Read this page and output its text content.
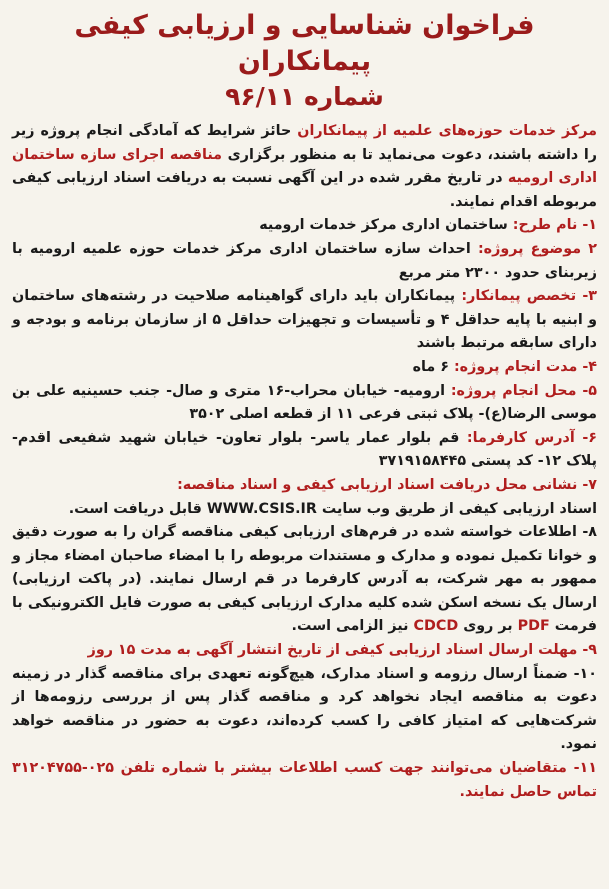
فراخوان شناسایی و ارزیابی کیفی پیمانکاران
شماره ۹۶/۱۱

مرکز خدمات حوزه‌های علمیه از پیمانکاران حائز شرایط که آمادگی انجام پروژه زیر را داشته باشند، دعوت می‌نماید تا به منظور برگزاری مناقصه اجرای سازه ساختمان اداری ارومیه در تاریخ مقرر شده در این آگهی نسبت به دریافت اسناد ارزیابی کیفی مربوطه اقدام نمایند.

۱- نام طرح: ساختمان اداری مرکز خدمات ارومیه

۲ موضوع پروژه: احداث سازه ساختمان اداری مرکز خدمات حوزه علمیه ارومیه با زیربنای حدود ۲۳۰۰ متر مربع

۳- تخصص پیمانکار: پیمانکاران باید دارای گواهینامه صلاحیت در رشته‌های ساختمان و ابنیه با پایه حداقل ۴ و تأسیسات و تجهیزات حداقل ۵ از سازمان برنامه و بودجه و دارای سابقه مرتبط باشند

۴- مدت انجام پروژه: ۶ ماه

۵- محل انجام پروژه: ارومیه- خیابان محراب-۱۶ متری و صال- جنب حسینیه علی بن موسی الرضا(ع)- پلاک ثبتی فرعی ۱۱ از قطعه اصلی ۳۵۰۲

۶- آدرس کارفرما: قم بلوار عمار یاسر- بلوار تعاون- خیابان شهید شفیعی اقدم- پلاک ۱۲- کد پستی ۳۷۱۹۱۵۸۴۴۵

۷- نشانی محل دریافت اسناد ارزیابی کیفی و اسناد مناقصه:

اسناد ارزیابی کیفی از طریق وب سایت WWW.CSIS.IR قابل دریافت است.

۸- اطلاعات خواسته شده در فرم‌های ارزیابی کیفی مناقصه گران را به صورت دقیق و خوانا تکمیل نموده و مدارک و مستندات مربوطه را با امضاء صاحبان امضاء مجاز و ممهور به مهر شرکت، به آدرس کارفرما در قم ارسال نمایند. (در پاکت ارزیابی) ارسال یک نسخه اسکن شده کلیه مدارک ارزیابی کیفی به صورت فایل الکترونیکی با فرمت PDF بر روی CDCD نیز الزامی است.

۹- مهلت ارسال اسناد ارزیابی کیفی از تاریخ انتشار آگهی به مدت ۱۵ روز

۱۰- ضمناً ارسال رزومه و اسناد مدارک، هیچ‌گونه تعهدی برای مناقصه گذار در زمینه دعوت به مناقصه ایجاد نخواهد کرد و مناقصه گذار پس از بررسی رزومه‌ها از شرکت‌هایی که امتیاز کافی را کسب کرده‌اند، دعوت به حضور در مناقصه خواهد نمود.

۱۱- متقاضیان می‌توانند جهت کسب اطلاعات بیشتر با شماره تلفن ۰۲۵-۳۱۲۰۴۷۵۵ تماس حاصل نمایند.
